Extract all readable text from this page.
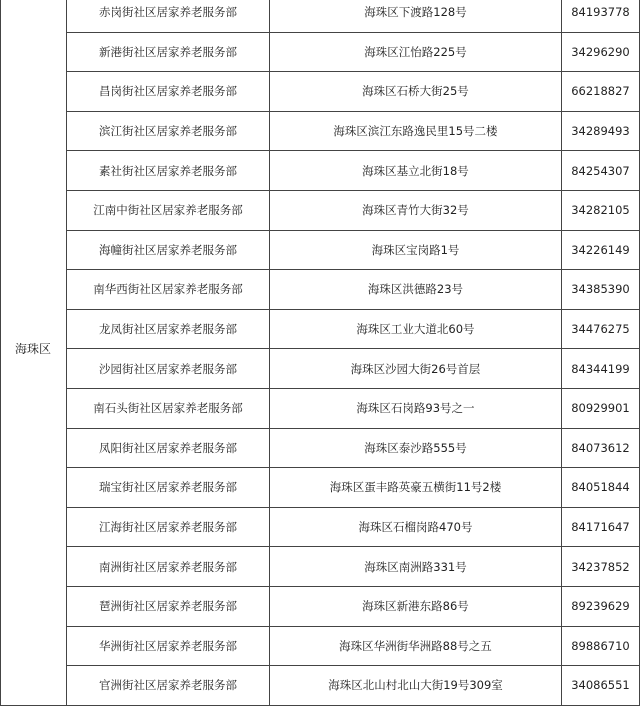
海珠区	赤岗街社区居家养老服务部	海珠区下渡路128号	84193778
	新港街社区居家养老服务部	海珠区江怡路225号	34296290
	昌岗街社区居家养老服务部	海珠区石桥大街25号	66218827
	滨江街社区居家养老服务部	海珠区滨江东路逸民里15号二楼	34289493
	素社街社区居家养老服务部	海珠区基立北街18号	84254307
	江南中街社区居家养老服务部	海珠区青竹大街32号	34282105
	海幢街社区居家养老服务部	海珠区宝岗路1号	34226149
	南华西街社区居家养老服务部	海珠区洪德路23号	34385390
	龙凤街社区居家养老服务部	海珠区工业大道北60号	34476275
	沙园街社区居家养老服务部	海珠区沙园大街26号首层	84344199
	南石头街社区居家养老服务部	海珠区石岗路93号之一	80929901
	凤阳街社区居家养老服务部	海珠区泰沙路555号	84073612
	瑞宝街社区居家养老服务部	海珠区蛋丰路英豪五横街11号2楼	84051844
	江海街社区居家养老服务部	海珠区石榴岗路470号	84171647
	南洲街社区居家养老服务部	海珠区南洲路331号	34237852
	琶洲街社区居家养老服务部	海珠区新港东路86号	89239629
	华洲街社区居家养老服务部	海珠区华洲街华洲路88号之五	89886710
	官洲街社区居家养老服务部	海珠区北山村北山大街19号309室	34086551
